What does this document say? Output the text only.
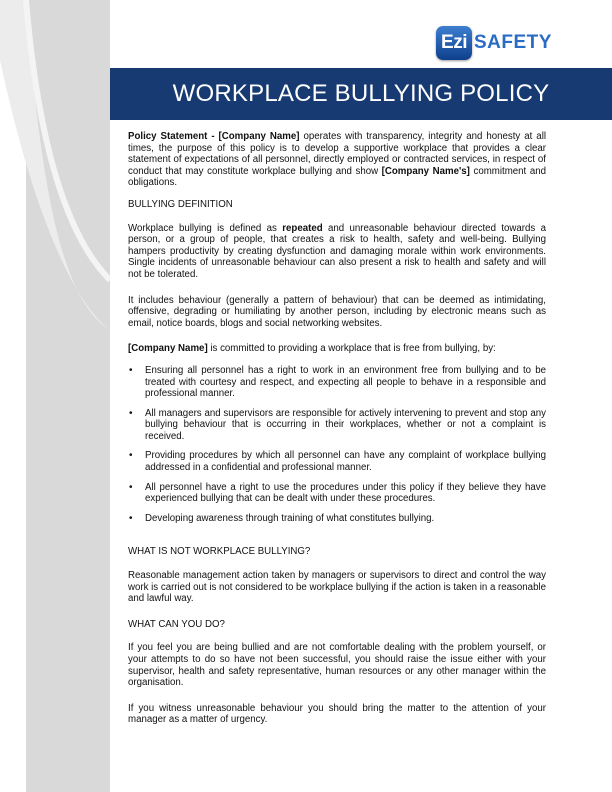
Ezi SAFETY
WORKPLACE BULLYING POLICY

Policy Statement - [Company Name] operates with transparency, integrity and honesty at all times, the purpose of this policy is to develop a supportive workplace that provides a clear statement of expectations of all personnel, directly employed or contracted services, in respect of conduct that may constitute workplace bullying and show [Company Name's] commitment and obligations.

BULLYING DEFINITION

Workplace bullying is defined as repeated and unreasonable behaviour directed towards a person, or a group of people, that creates a risk to health, safety and well-being. Bullying hampers productivity by creating dysfunction and damaging morale within work environments. Single incidents of unreasonable behaviour can also present a risk to health and safety and will not be tolerated.

It includes behaviour (generally a pattern of behaviour) that can be deemed as intimidating, offensive, degrading or humiliating by another person, including by electronic means such as email, notice boards, blogs and social networking websites.

[Company Name] is committed to providing a workplace that is free from bullying, by:

• Ensuring all personnel has a right to work in an environment free from bullying and to be treated with courtesy and respect, and expecting all people to behave in a responsible and professional manner.
• All managers and supervisors are responsible for actively intervening to prevent and stop any bullying behaviour that is occurring in their workplaces, whether or not a complaint is received.
• Providing procedures by which all personnel can have any complaint of workplace bullying addressed in a confidential and professional manner.
• All personnel have a right to use the procedures under this policy if they believe they have experienced bullying that can be dealt with under these procedures.
• Developing awareness through training of what constitutes bullying.
WHAT IS NOT WORKPLACE BULLYING?

Reasonable management action taken by managers or supervisors to direct and control the way work is carried out is not considered to be workplace bullying if the action is taken in a reasonable and lawful way.

WHAT CAN YOU DO?

If you feel you are being bullied and are not comfortable dealing with the problem yourself, or your attempts to do so have not been successful, you should raise the issue either with your supervisor, health and safety representative, human resources or any other manager within the organisation.

If you witness unreasonable behaviour you should bring the matter to the attention of your manager as a matter of urgency.
